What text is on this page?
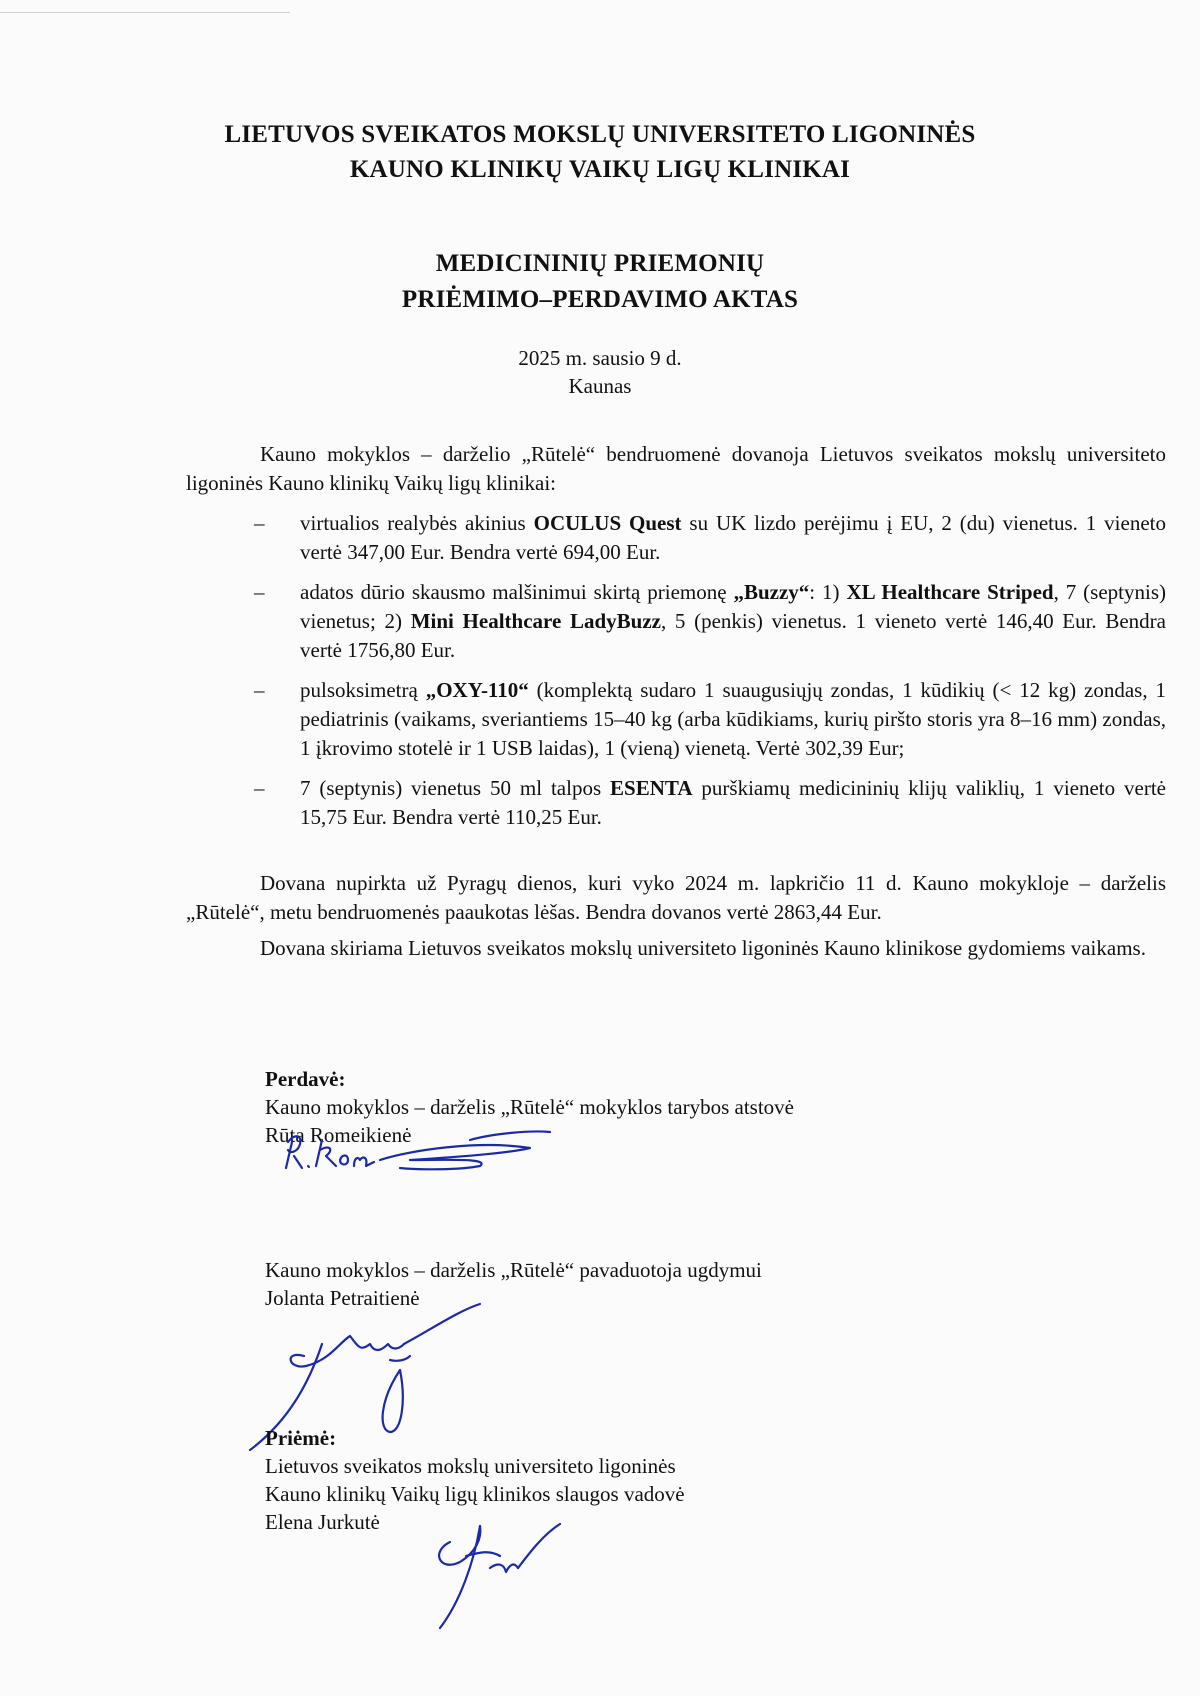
LIETUVOS SVEIKATOS MOKSLŲ UNIVERSITETO LIGONINĖS
KAUNO KLINIKŲ VAIKŲ LIGŲ KLINIKAI
MEDICININIŲ PRIEMONIŲ
PRIĖMIMO–PERDAVIMO AKTAS
2025 m. sausio 9 d.
Kaunas

Kauno mokyklos – darželio „Rūtelė“ bendruomenė dovanoja Lietuvos sveikatos mokslų universiteto ligoninės Kauno klinikų Vaikų ligų klinikai:

– virtualios realybės akinius OCULUS Quest su UK lizdo perėjimu į EU, 2 (du) vienetus. 1 vieneto vertė 347,00 Eur. Bendra vertė 694,00 Eur.
– adatos dūrio skausmo malšinimui skirtą priemonę „Buzzy“: 1) XL Healthcare Striped, 7 (septynis) vienetus; 2) Mini Healthcare LadyBuzz, 5 (penkis) vienetus. 1 vieneto vertė 146,40 Eur. Bendra vertė 1756,80 Eur.
– pulsoksimetrą „OXY-110“ (komplektą sudaro 1 suaugusiųjų zondas, 1 kūdikių (< 12 kg) zondas, 1 pediatrinis (vaikams, sveriantiems 15–40 kg (arba kūdikiams, kurių piršto storis yra 8–16 mm) zondas, 1 įkrovimo stotelė ir 1 USB laidas), 1 (vieną) vienetą. Vertė 302,39 Eur;
– 7 (septynis) vienetus 50 ml talpos ESENTA purškiamų medicininių klijų valiklių, 1 vieneto vertė 15,75 Eur. Bendra vertė 110,25 Eur.

Dovana nupirkta už Pyragų dienos, kuri vyko 2024 m. lapkričio 11 d. Kauno mokykloje – darželis „Rūtelė“, metu bendruomenės paaukotas lėšas. Bendra dovanos vertė 2863,44 Eur.

Dovana skiriama Lietuvos sveikatos mokslų universiteto ligoninės Kauno klinikose gydomiems vaikams.

Perdavė:
Kauno mokyklos – darželis „Rūtelė“ mokyklos tarybos atstovė
Rūta Romeikienė
Kauno mokyklos – darželis „Rūtelė“ pavaduotoja ugdymui
Jolanta Petraitienė
Priėmė:
Lietuvos sveikatos mokslų universiteto ligoninės
Kauno klinikų Vaikų ligų klinikos slaugos vadovė
Elena Jurkutė
